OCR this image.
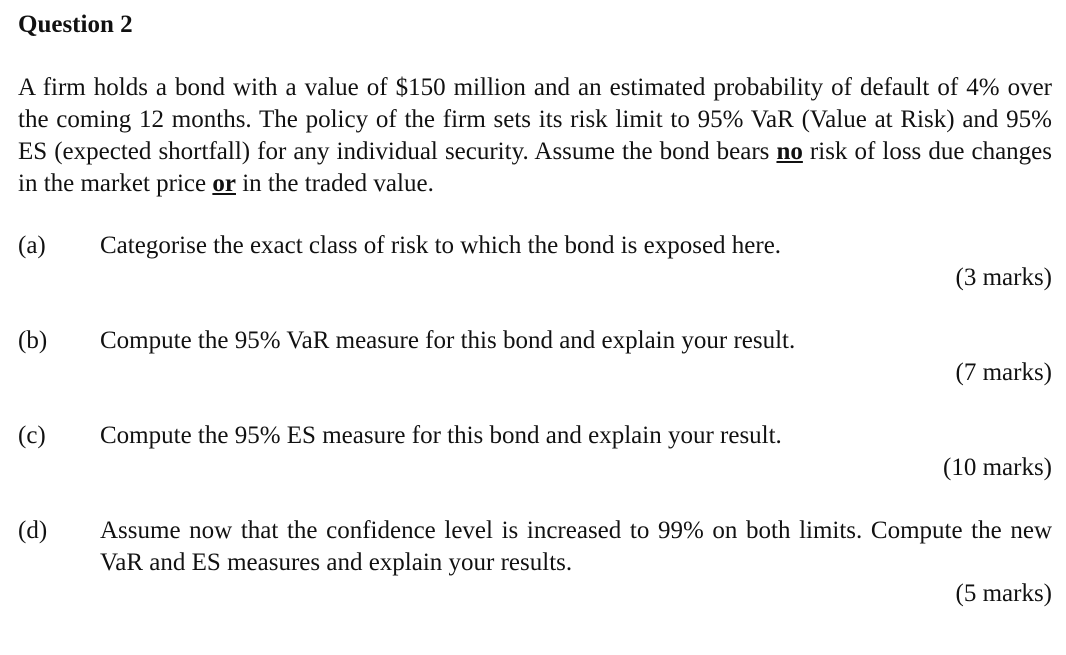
Question 2

A firm holds a bond with a value of $150 million and an estimated probability of default of 4% over the coming 12 months. The policy of the firm sets its risk limit to 95% VaR (Value at Risk) and 95% ES (expected shortfall) for any individual security. Assume the bond bears no risk of loss due changes in the market price or in the traded value.

(a) Categorise the exact class of risk to which the bond is exposed here.
(3 marks)
(b) Compute the 95% VaR measure for this bond and explain your result.
(7 marks)
(c) Compute the 95% ES measure for this bond and explain your result.
(10 marks)
(d) Assume now that the confidence level is increased to 99% on both limits. Compute the new VaR and ES measures and explain your results.
(5 marks)
